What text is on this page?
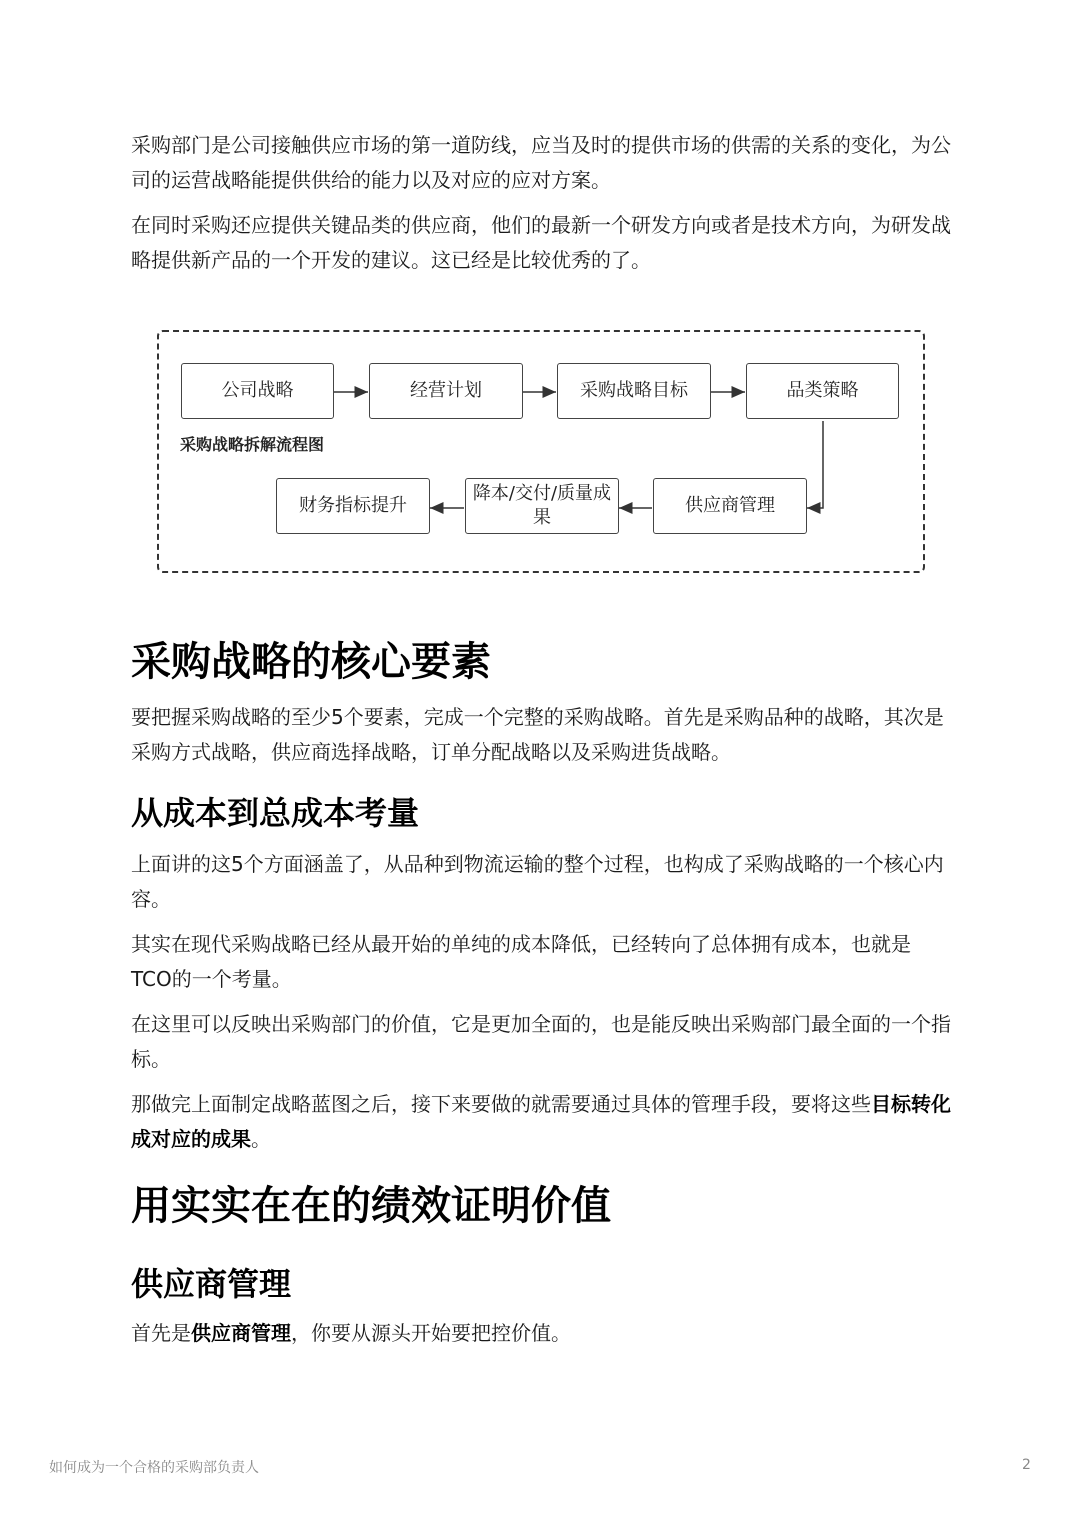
采购部门是公司接触供应市场的第一道防线，应当及时的提供市场的供需的关系的变化，为公司的运营战略能提供供给的能力以及对应的应对方案。

在同时采购还应提供关键品类的供应商，他们的最新一个研发方向或者是技术方向，为研发战略提供新产品的一个开发的建议。这已经是比较优秀的了。

公司战略	经营计划	采购战略目标	品类策略
采购战略拆解流程图
供应商管理
降本/交付/质量成果
财务指标提升
采购战略的核心要素

要把握采购战略的至少5个要素，完成一个完整的采购战略。首先是采购品种的战略，其次是采购方式战略，供应商选择战略，订单分配战略以及采购进货战略。

从成本到总成本考量

上面讲的这5个方面涵盖了，从品种到物流运输的整个过程，也构成了采购战略的一个核心内容。

其实在现代采购战略已经从最开始的单纯的成本降低，已经转向了总体拥有成本，也就是TCO的一个考量。

在这里可以反映出采购部门的价值，它是更加全面的，也是能反映出采购部门最全面的一个指标。

那做完上面制定战略蓝图之后，接下来要做的就需要通过具体的管理手段，要将这些目标转化成对应的成果。

用实实在在的绩效证明价值
供应商管理

首先是供应商管理，你要从源头开始要把控价值。

如何成为一个合格的采购部负责人	2
